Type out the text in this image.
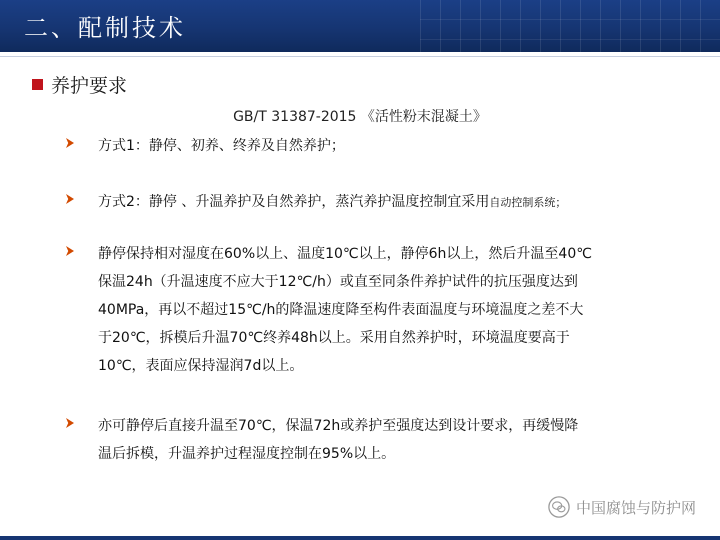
二、配制技术
养护要求
GB/T 31387-2015 《活性粉末混凝土》
方式1：静停、初养、终养及自然养护；
方式2：静停 、升温养护及自然养护，蒸汽养护温度控制宜采用自动控制系统；
静停保持相对湿度在60%以上、温度10℃以上，静停6h以上，然后升温至40℃
保温24h（升温速度不应大于12℃/h）或直至同条件养护试件的抗压强度达到
40MPa，再以不超过15℃/h的降温速度降至构件表面温度与环境温度之差不大
于20℃，拆模后升温70℃终养48h以上。采用自然养护时，环境温度要高于
10℃，表面应保持湿润7d以上。
亦可静停后直接升温至70℃，保温72h或养护至强度达到设计要求，再缓慢降
温后拆模，升温养护过程湿度控制在95%以上。
中国腐蚀与防护网
